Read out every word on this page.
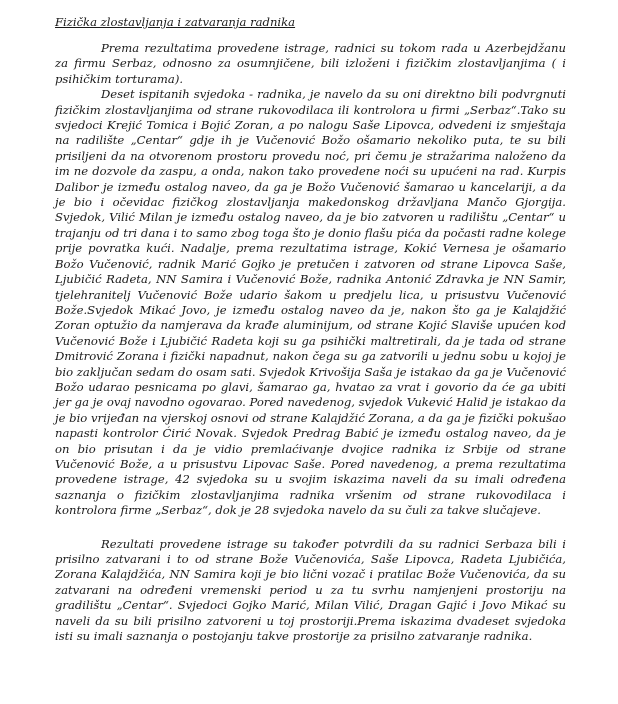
Fizička zlostavljanja i zatvaranja radnika

Prema rezultatima provedene istrage, radnici su tokom rada u Azerbejdžanu za firmu Serbaz, odnosno za osumnjičene, bili izloženi i fizičkim zlostavljanjima ( i psihičkim torturama).

Deset ispitanih svjedoka - radnika, je navelo da su oni direktno bili podvrgnuti fizičkim zlostavljanjima od strane rukovodilaca ili kontrolora u firmi „Serbaz“.Tako su svjedoci Krejić Tomica i Bojić Zoran, a po nalogu Saše Lipovca, odvedeni iz smještaja na radilište „Centar“ gdje ih je Vučenović Božo ošamario nekoliko puta, te su bili prisiljeni da na otvorenom prostoru provedu noć, pri čemu je stražarima naloženo da im ne dozvole da zaspu, a onda, nakon tako provedene noći su upućeni na rad. Kurpis Dalibor je između ostalog naveo, da ga je Božo Vučenović šamarao u kancelariji, a da je bio i očevidac fizičkog zlostavljanja makedonskog državljana Mančo Gjorgija. Svjedok, Vilić Milan je između ostalog naveo, da je bio zatvoren u radilištu „Centar“ u trajanju od tri dana i to samo zbog toga što je donio flašu pića da počasti radne kolege prije povratka kući. Nadalje, prema rezultatima istrage, Kokić Vernesa je ošamario Božo Vučenović, radnik Marić Gojko je pretučen i zatvoren od strane Lipovca Saše, Ljubičić Radeta, NN Samira i Vučenović Bože, radnika Antonić Zdravka je NN Samir, tjelehranitelj Vučenović Bože udario šakom u predjelu lica, u prisustvu Vučenović Bože.Svjedok Mikać Jovo, je između ostalog naveo da je, nakon što ga je Kalajdžić Zoran optužio da namjerava da krađe aluminijum, od strane Kojić Slaviše upućen kod Vučenović Bože i Ljubičić Radeta koji su ga psihički maltretirali, da je tada od strane Dmitrović Zorana i fizički napadnut, nakon čega su ga zatvorili u jednu sobu u kojoj je bio zaključan sedam do osam sati. Svjedok Krivošija Saša je istakao da ga je Vučenović Božo udarao pesnicama po glavi, šamarao ga, hvatao za vrat i govorio da će ga ubiti jer ga je ovaj navodno ogovarao. Pored navedenog, svjedok Vukević Halid je istakao da je bio vrijeđan na vjerskoj osnovi od strane Kalajdžić Zorana, a da ga je fizički pokušao napasti kontrolor Ćirić Novak. Svjedok Predrag Babić je između ostalog naveo, da je on bio prisutan i da je vidio premlaćivanje dvojice radnika iz Srbije od strane Vučenović Bože, a u prisustvu Lipovac Saše. Pored navedenog, a prema rezultatima provedene istrage, 42 svjedoka su u svojim iskazima naveli da su imali određena saznanja o fizičkim zlostavljanjima radnika vršenim od strane rukovodilaca i kontrolora firme „Serbaz“, dok je 28 svjedoka navelo da su čuli za takve slučajeve.

Rezultati provedene istrage su također potvrdili da su radnici Serbaza bili i prisilno zatvarani i to od strane Bože Vučenovića, Saše Lipovca, Radeta Ljubičića, Zorana Kalajdžića, NN Samira koji je bio lični vozač i pratilac Bože Vučenovića, da su zatvarani na određeni vremenski period u za tu svrhu namjenjeni prostoriju na gradilištu „Centar“. Svjedoci Gojko Marić, Milan Vilić, Dragan Gajić i Jovo Mikać su naveli da su bili prisilno zatvoreni u toj prostoriji.Prema iskazima dvadeset svjedoka isti su imali saznanja o postojanju takve prostorije za prisilno zatvaranje radnika.
